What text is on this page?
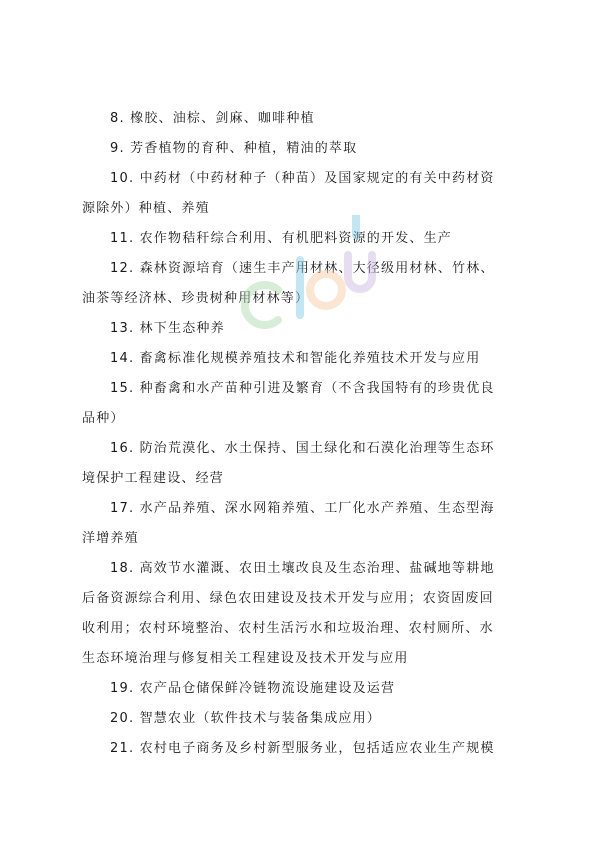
8. 橡胶、油棕、剑麻、咖啡种植
9. 芳香植物的育种、种植，精油的萃取
10. 中药材（中药材种子（种苗）及国家规定的有关中药材资
源除外）种植、养殖
11. 农作物秸秆综合利用、有机肥料资源的开发、生产
12. 森林资源培育（速生丰产用材林、大径级用材林、竹林、
油茶等经济林、珍贵树种用材林等）
13. 林下生态种养
14. 畜禽标准化规模养殖技术和智能化养殖技术开发与应用
15. 种畜禽和水产苗种引进及繁育（不含我国特有的珍贵优良
品种）
16. 防治荒漠化、水土保持、国土绿化和石漠化治理等生态环
境保护工程建设、经营
17. 水产品养殖、深水网箱养殖、工厂化水产养殖、生态型海
洋增养殖
18. 高效节水灌溉、农田土壤改良及生态治理、盐碱地等耕地
后备资源综合利用、绿色农田建设及技术开发与应用；农资固废回
收利用；农村环境整治、农村生活污水和垃圾治理、农村厕所、水
生态环境治理与修复相关工程建设及技术开发与应用
19. 农产品仓储保鲜冷链物流设施建设及运营
20. 智慧农业（软件技术与装备集成应用）
21. 农村电子商务及乡村新型服务业，包括适应农业生产规模
